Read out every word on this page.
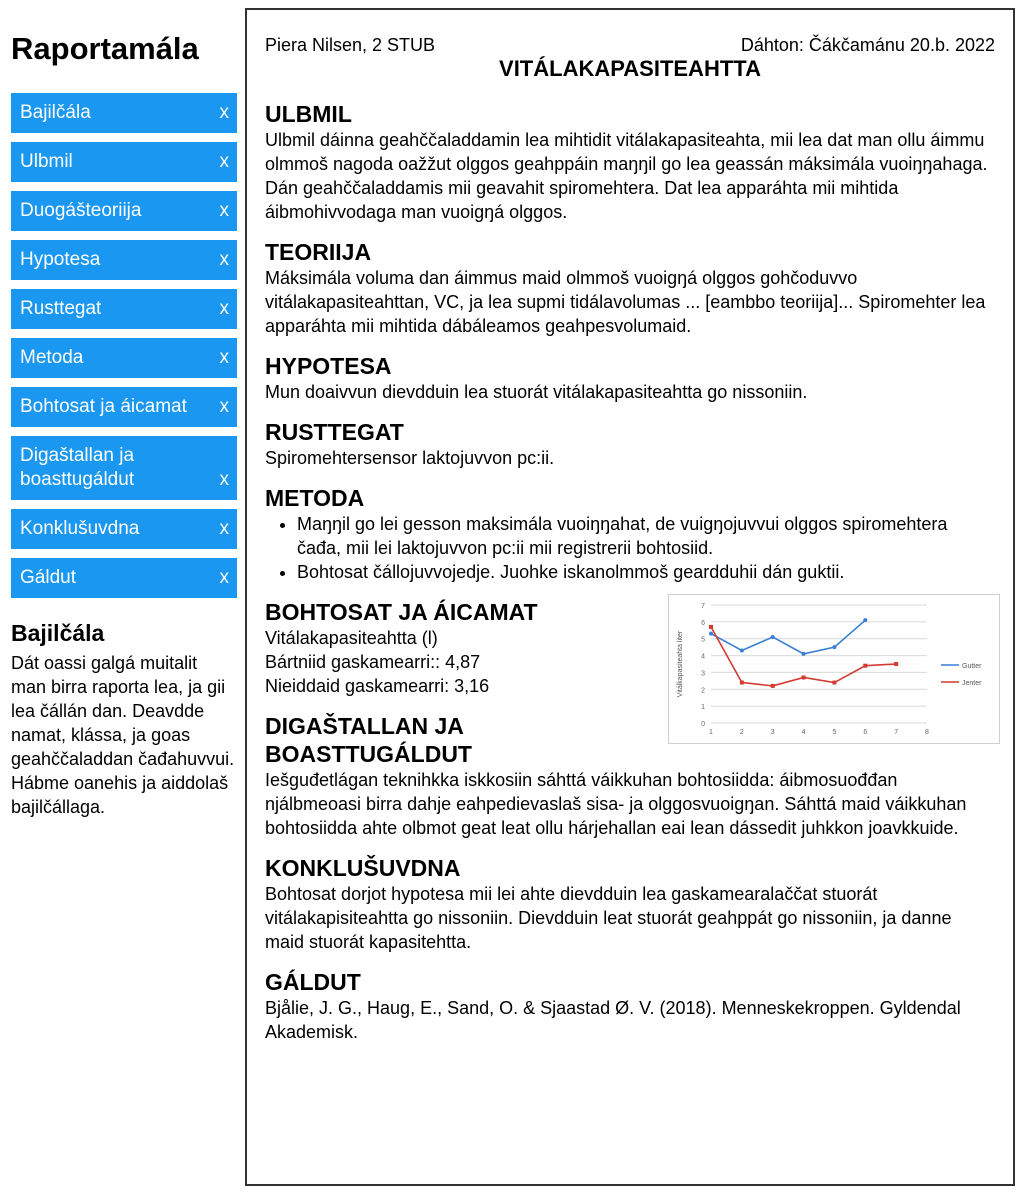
Raportamála
Bajilčála	x
Ulbmil	x
Duogášteoriija	x
Hypotesa	x
Rusttegat	x
Metoda	x
Bohtosat ja áicamat	x
Digaštallan ja boasttugáldut	x
Konklušuvdna	x
Gáldut	x
Bajilčála

Dát oassi galgá muitalit man birra raporta lea, ja gii lea čállán dan. Deavdde namat, klássa, ja goas geahččaladdan čađahuvvui. Hábme oanehis ja aiddolaš bajilčállaga.

Piera Nilsen, 2 STUB	Dáhton: Čákčamánu 20.b. 2022
VITÁLAKAPASITEAHTTA
ULBMIL

Ulbmil dáinna geahččaladdamin lea mihtidit vitálakapasiteahta, mii lea dat man ollu áimmu olmmoš nagoda oažžut olggos geahppáin maŋŋil go lea geassán máksimála vuoiŋŋahaga. Dán geahččaladdamis mii geavahit spiromehtera. Dat lea apparáhta mii mihtida áibmohivvodaga man vuoigŋá olggos.

TEORIIJA

Máksimála voluma dan áimmus maid olmmoš vuoigŋá olggos gohčoduvvo vitálakapasiteahttan, VC, ja lea supmi tidálavolumas ... [eambbo teoriija]... Spiromehter lea apparáhta mii mihtida dábáleamos geahpesvolumaid.

HYPOTESA

Mun doaivvun dievdduin lea stuorát vitálakapasiteahtta go nissoniin.

RUSTTEGAT

Spiromehtersensor laktojuvvon pc:ii.

METODA
• Maŋŋil go lei gesson maksimála vuoiŋŋahat, de vuigŋojuvvui olggos spiromehtera čađa, mii lei laktojuvvon pc:ii mii registrerii bohtosiid.
• Bohtosat čállojuvvojedje. Juohke iskanolmmoš geardduhii dán guktii.
BOHTOSAT JA ÁICAMAT

Vitálakapasiteahtta (l)

Bártniid gaskamearri:: 4,87

Nieiddaid gaskamearri: 3,16

0
1
2
3
4
5
6
7
1	2	3	4	5	6	7	8
Vitálkapasiteahta liter	Gutter
Jenter
DIGAŠTALLAN JA BOASTTUGÁLDUT

Iešguđetlágan teknihkka iskkosiin sáhttá váikkuhan bohtosiidda: áibmosuođđan njálbmeoasi birra dahje eahpedievaslaš sisa- ja olggosvuoigŋan. Sáhttá maid váikkuhan bohtosiidda ahte olbmot geat leat ollu hárjehallan eai lean dássedit juhkkon joavkkuide.

KONKLUŠUVDNA

Bohtosat dorjot hypotesa mii lei ahte dievdduin lea gaskamearalaččat stuorát vitálakapisiteahtta go nissoniin. Dievdduin leat stuorát geahppát go nissoniin, ja danne maid stuorát kapasitehtta.

GÁLDUT

Bjålie, J. G., Haug, E., Sand, O. & Sjaastad Ø. V. (2018). Menneskekroppen. Gyldendal Akademisk.
